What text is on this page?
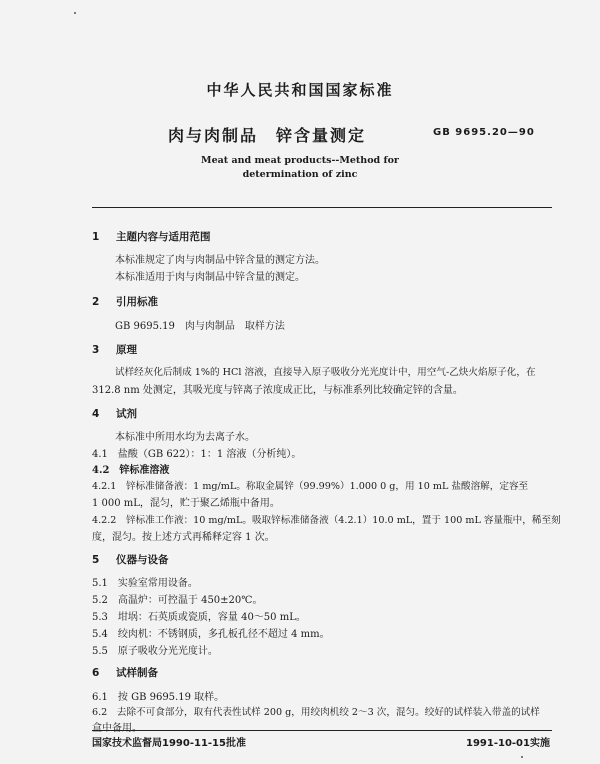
中华人民共和国国家标准
肉与肉制品　锌含量测定	GB 9695.20—90
Meat and meat products--Method for
determination of zinc
1 主题内容与适用范围
本标准规定了肉与肉制品中锌含量的测定方法。
本标准适用于肉与肉制品中锌含量的测定。
2 引用标准
GB 9695.19　肉与肉制品　取样方法
3 原理
试样经灰化后制成 1%的 HCl 溶液，直接导入原子吸收分光光度计中，用空气-乙炔火焰原子化，在
312.8 nm 处测定，其吸光度与锌离子浓度成正比，与标准系列比较确定锌的含量。
4 试剂
本标准中所用水均为去离子水。
4.1　盐酸（GB 622）：1：1 溶液（分析纯）。
4.2　锌标准溶液
4.2.1　锌标准储备液：1 mg/mL。称取金属锌（99.99%）1.000 0 g，用 10 mL 盐酸溶解，定容至
1 000 mL，混匀，贮于聚乙烯瓶中备用。
4.2.2　锌标准工作液：10 mg/mL。吸取锌标准储备液（4.2.1）10.0 mL，置于 100 mL 容量瓶中，稀至刻
度，混匀。按上述方式再稀释定容 1 次。
5 仪器与设备
5.1　实验室常用设备。
5.2　高温炉：可控温于 450±20℃。
5.3　坩埚：石英质或瓷质，容量 40～50 mL。
5.4　绞肉机：不锈钢质，多孔板孔径不超过 4 mm。
5.5　原子吸收分光光度计。
6 试样制备
6.1　按 GB 9695.19 取样。
6.2　去除不可食部分，取有代表性试样 200 g，用绞肉机绞 2～3 次，混匀。绞好的试样装入带盖的试样
盒中备用。
国家技术监督局1990-11-15批准	1991-10-01实施
